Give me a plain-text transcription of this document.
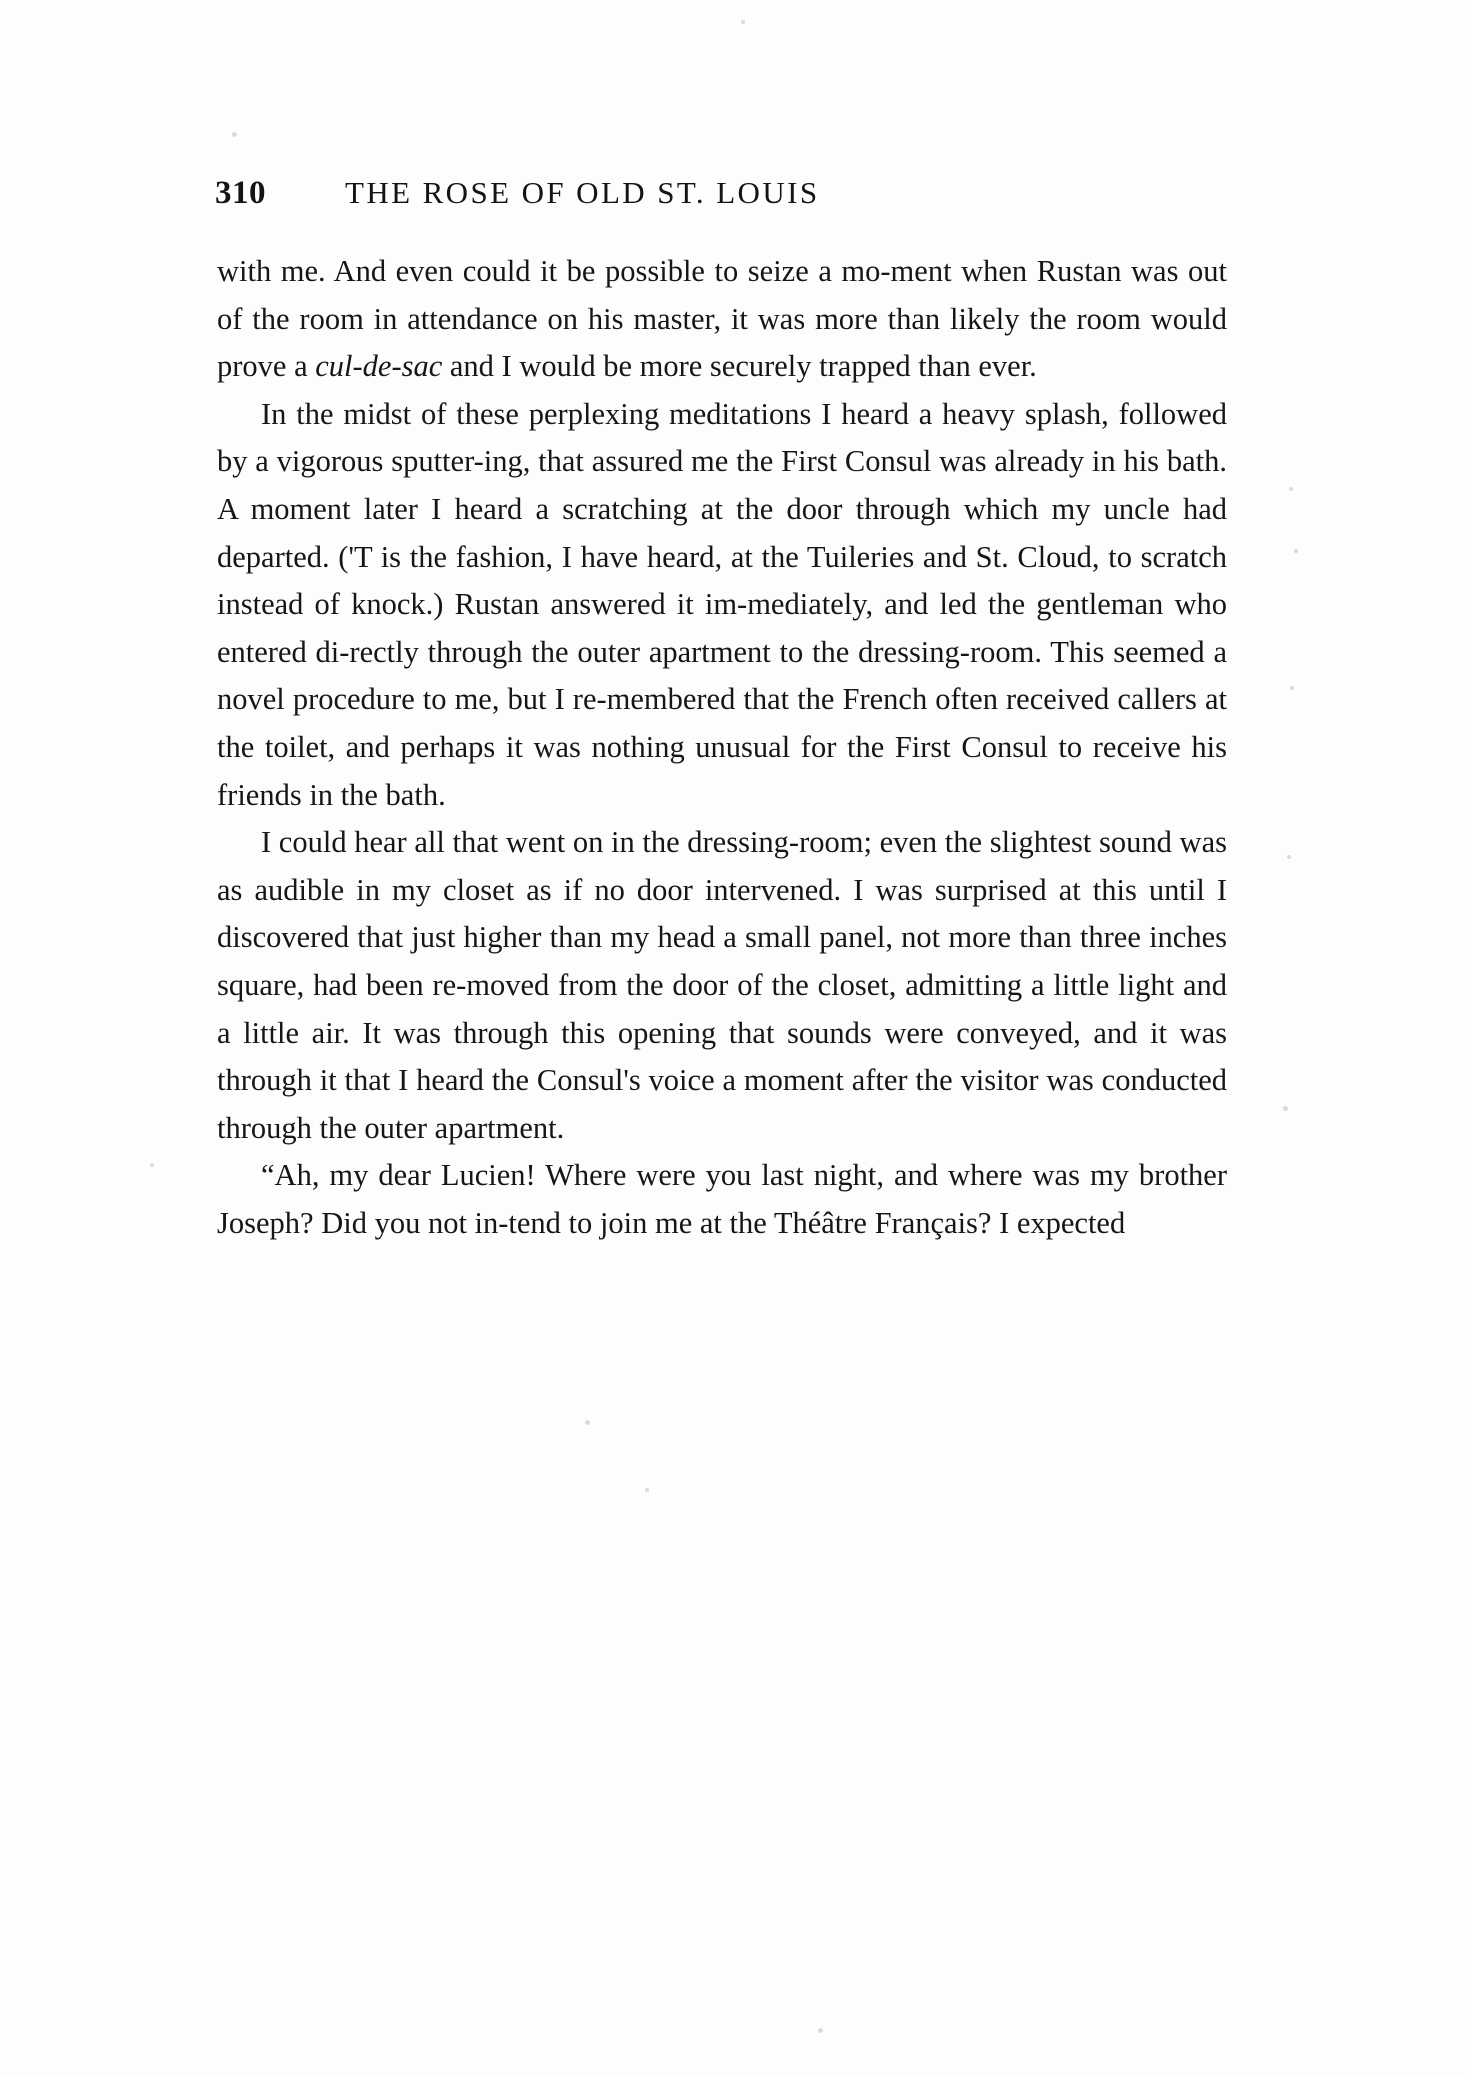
310	THE ROSE OF OLD ST. LOUIS

with me. And even could it be possible to seize a mo-ment when Rustan was out of the room in attendance on his master, it was more than likely the room would prove a cul-de-sac and I would be more securely trapped than ever.

In the midst of these perplexing meditations I heard a heavy splash, followed by a vigorous sputter-ing, that assured me the First Consul was already in his bath. A moment later I heard a scratching at the door through which my uncle had departed. ('T is the fashion, I have heard, at the Tuileries and St. Cloud, to scratch instead of knock.) Rustan answered it im-mediately, and led the gentleman who entered di-rectly through the outer apartment to the dressing-room. This seemed a novel procedure to me, but I re-membered that the French often received callers at the toilet, and perhaps it was nothing unusual for the First Consul to receive his friends in the bath.

I could hear all that went on in the dressing-room; even the slightest sound was as audible in my closet as if no door intervened. I was surprised at this until I discovered that just higher than my head a small panel, not more than three inches square, had been re-moved from the door of the closet, admitting a little light and a little air. It was through this opening that sounds were conveyed, and it was through it that I heard the Consul's voice a moment after the visitor was conducted through the outer apartment.

“Ah, my dear Lucien! Where were you last night, and where was my brother Joseph? Did you not in-tend to join me at the Théâtre Français? I expected
